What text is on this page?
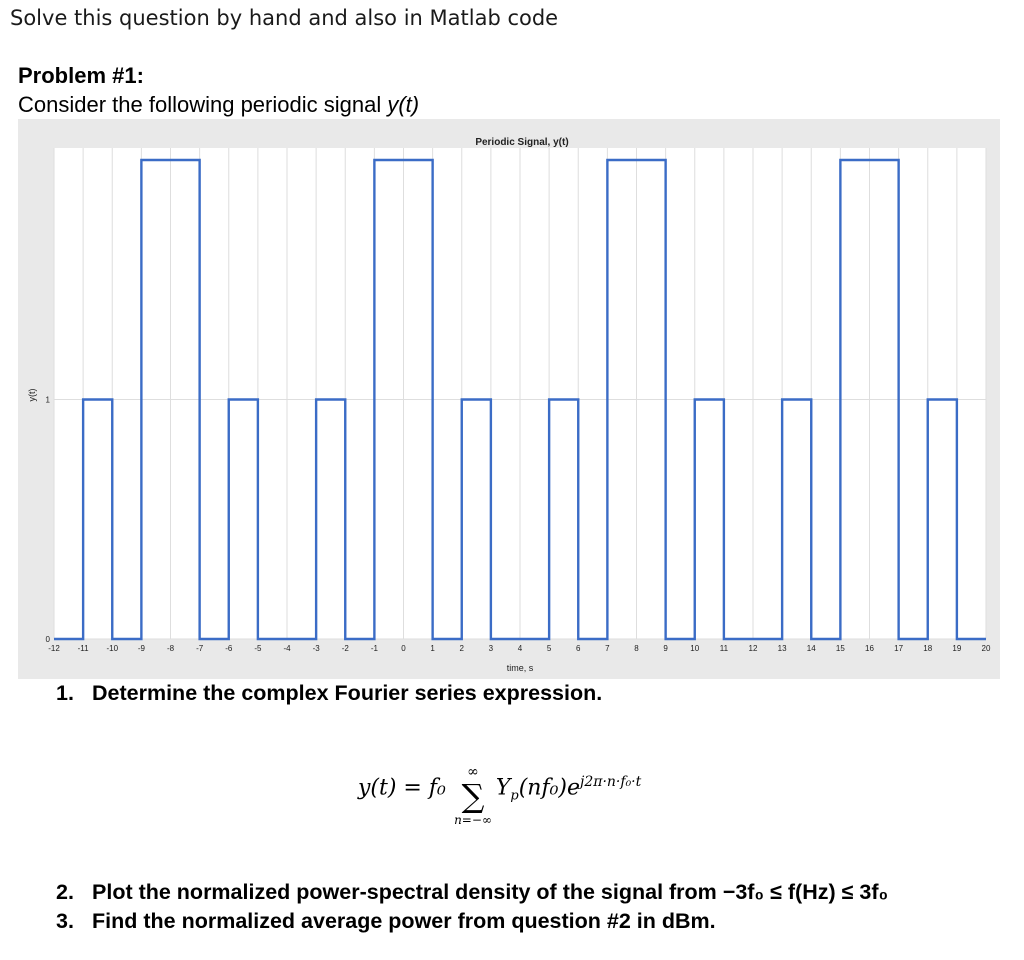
Solve this question by hand and also in Matlab code
Problem #1:
Consider the following periodic signal y(t)
-12 -11 -10 -9	-8	-7	-6	-5	-4	-3	-2	-1	0	1	2	3	4	5	6	7	8	9	10	11	12	13	14	15	16	17	18	19	20
0
1
Periodic Signal, y(t)
time, s
y(t)
1. Determine the complex Fourier series expression.
y(t) = f₀ $Y_p(nf_0)e^{j2\pi\cdot n\cdot f_0\cdot t}$
∞
∑
n=−∞
2. Plot the normalized power-spectral density of the signal from −3f₀ ≤ f(Hz) ≤ 3f₀
3. Find the normalized average power from question #2 in dBm.
